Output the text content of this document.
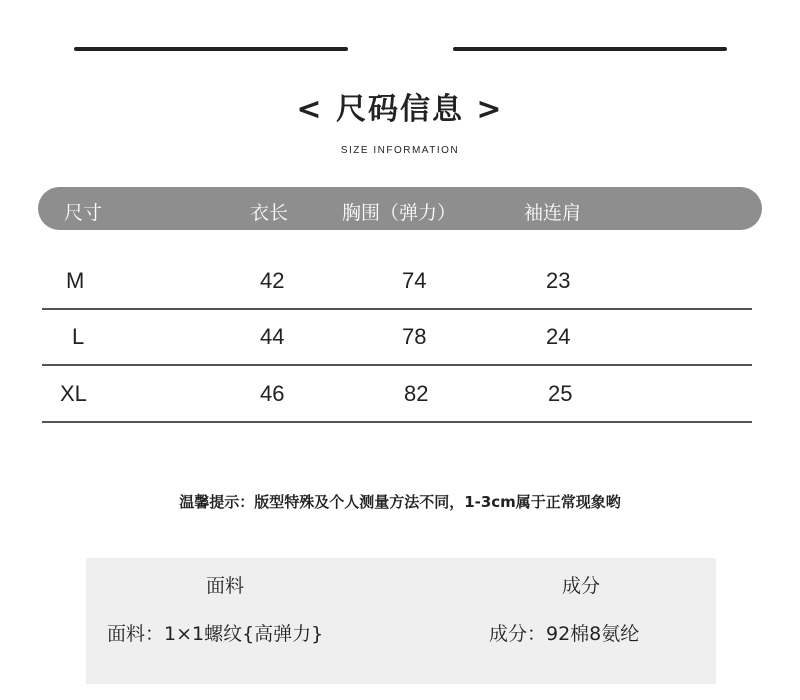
< 尺码信息 >
SIZE INFORMATION
尺寸	衣长	胸围（弹力）	袖连肩
M	42	74	23
L	44	78	24
XL	46	82	25
温馨提示：版型特殊及个人测量方法不同，1-3cm属于正常现象哟
面料
面料：1×1螺纹{高弹力}
成分
成分：92棉8氨纶
